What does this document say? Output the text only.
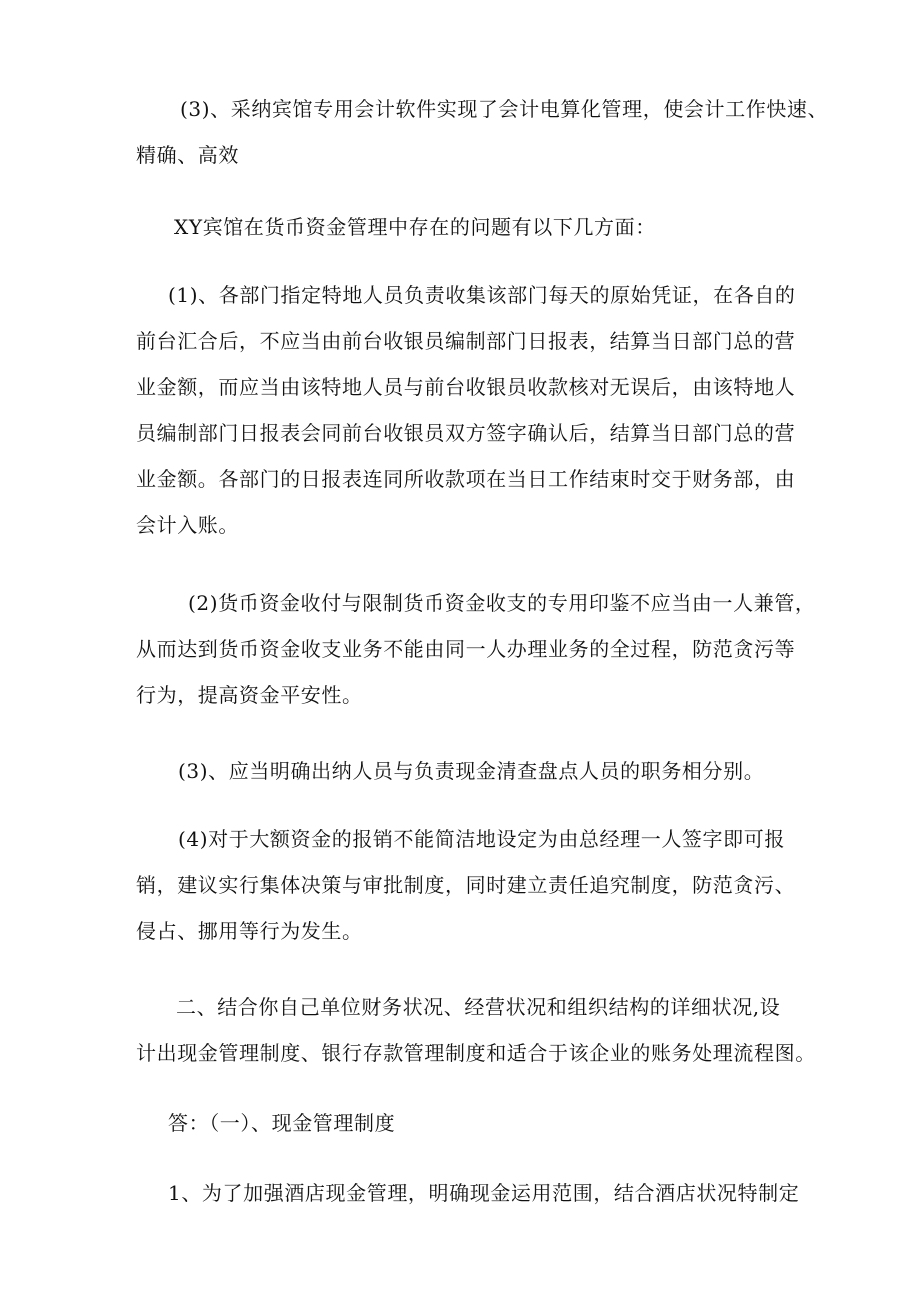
(3)、采纳宾馆专用会计软件实现了会计电算化管理，使会计工作快速、
精确、高效
XY宾馆在货币资金管理中存在的问题有以下几方面：
(1)、各部门指定特地人员负责收集该部门每天的原始凭证，在各自的
前台汇合后，不应当由前台收银员编制部门日报表，结算当日部门总的营
业金额，而应当由该特地人员与前台收银员收款核对无误后，由该特地人
员编制部门日报表会同前台收银员双方签字确认后，结算当日部门总的营
业金额。各部门的日报表连同所收款项在当日工作结束时交于财务部，由
会计入账。
(2)货币资金收付与限制货币资金收支的专用印鉴不应当由一人兼管，
从而达到货币资金收支业务不能由同一人办理业务的全过程，防范贪污等
行为，提高资金平安性。
(3)、应当明确出纳人员与负责现金清查盘点人员的职务相分别。
(4)对于大额资金的报销不能简洁地设定为由总经理一人签字即可报
销，建议实行集体决策与审批制度，同时建立责任追究制度，防范贪污、
侵占、挪用等行为发生。
二、结合你自己单位财务状况、经营状况和组织结构的详细状况,设
计出现金管理制度、银行存款管理制度和适合于该企业的账务处理流程图。
答：（一）、现金管理制度
1、为了加强酒店现金管理，明确现金运用范围，结合酒店状况特制定
